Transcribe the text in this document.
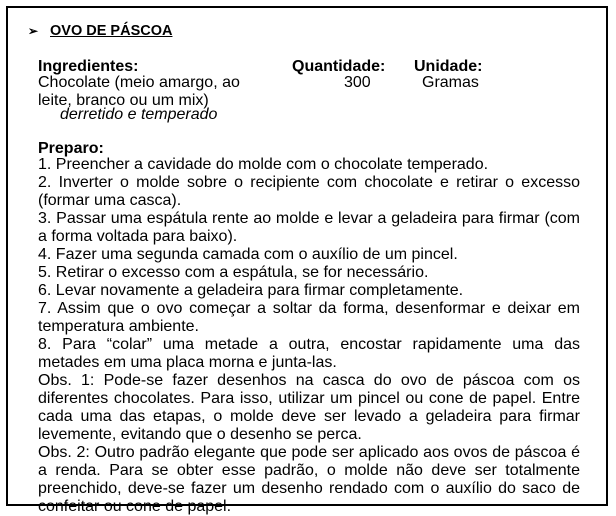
➢ OVO DE PÁSCOA
Ingredientes:	Quantidade: Unidade:
Chocolate (meio amargo, ao leite, branco ou um mix)
derretido e temperado
300	Gramas
Preparo:

1. Preencher a cavidade do molde com o chocolate temperado.

2. Inverter o molde sobre o recipiente com chocolate e retirar o excesso (formar uma casca).

3. Passar uma espátula rente ao molde e levar a geladeira para firmar (com a forma voltada para baixo).

4. Fazer uma segunda camada com o auxílio de um pincel.

5. Retirar o excesso com a espátula, se for necessário.

6. Levar novamente a geladeira para firmar completamente.

7. Assim que o ovo começar a soltar da forma, desenformar e deixar em temperatura ambiente.

8. Para “colar” uma metade a outra, encostar rapidamente uma das metades em uma placa morna e junta-las.

Obs. 1: Pode-se fazer desenhos na casca do ovo de páscoa com os diferentes chocolates. Para isso, utilizar um pincel ou cone de papel. Entre cada uma das etapas, o molde deve ser levado a geladeira para firmar levemente, evitando que o desenho se perca.

Obs. 2: Outro padrão elegante que pode ser aplicado aos ovos de páscoa é a renda. Para se obter esse padrão, o molde não deve ser totalmente preenchido, deve-se fazer um desenho rendado com o auxílio do saco de confeitar ou cone de papel.
